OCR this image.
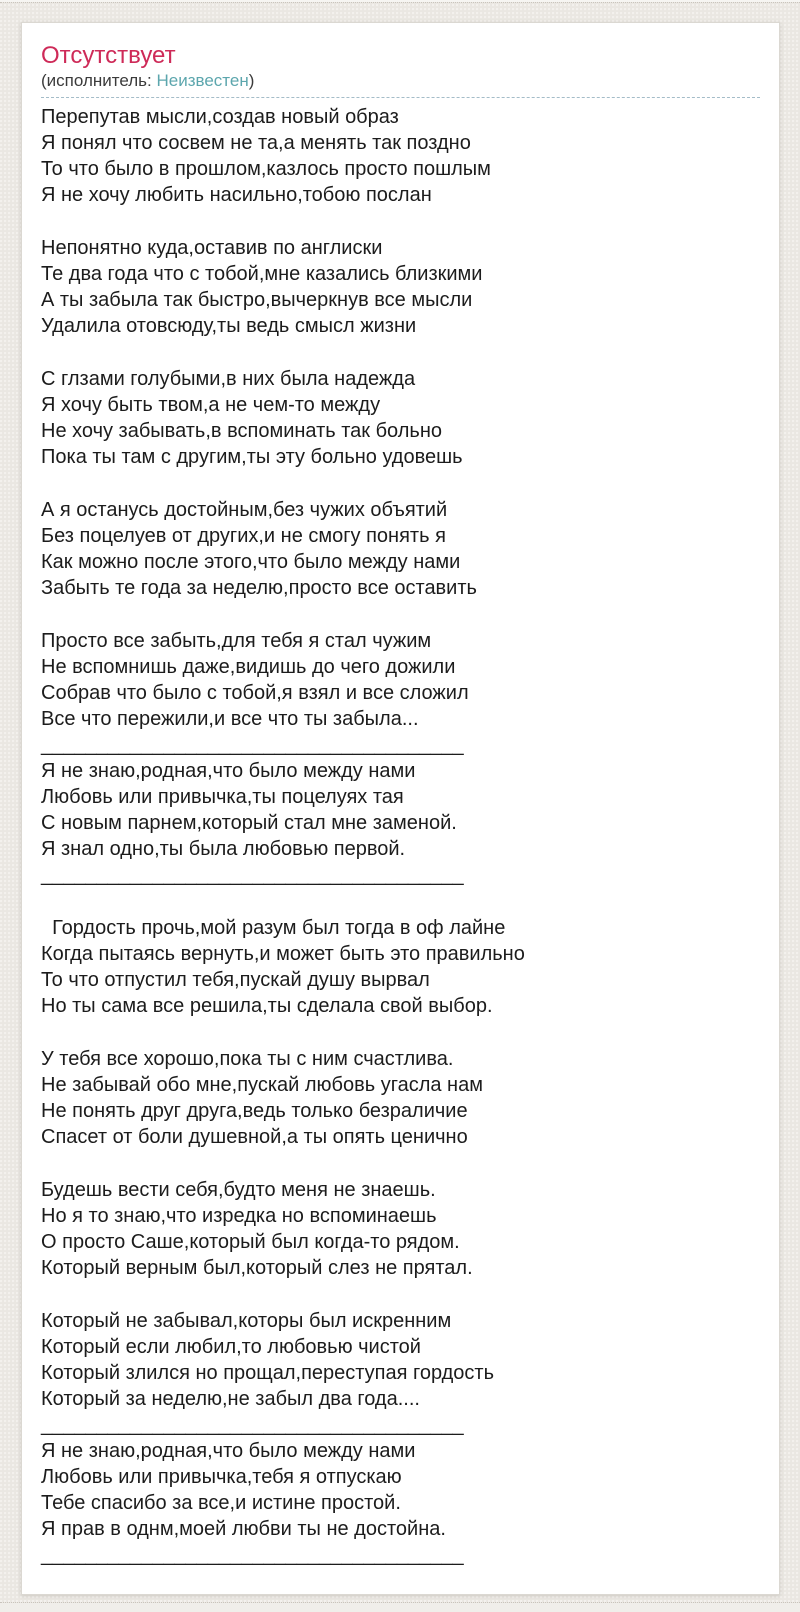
Отсутствует
(исполнитель: Неизвестен)

Перепутав мысли,создав новый образ
Я понял что сосвем не та,а менять так поздно
То что было в прошлом,казлось просто пошлым
Я не хочу любить насильно,тобою послан

Непонятно куда,оставив по англиски
Те два года что с тобой,мне казались близкими
А ты забыла так быстро,вычеркнув все мысли
Удалила отовсюду,ты ведь смысл жизни

С глзами голубыми,в них была надежда
Я хочу быть твом,а не чем-то между
Не хочу забывать,в вспоминать так больно
Пока ты там с другим,ты эту больно удовешь

А я останусь достойным,без чужих объятий
Без поцелуев от других,и не смогу понять я
Как можно после этого,что было между нами
Забыть те года за неделю,просто все оставить

Просто все забыть,для тебя я стал чужим
Не вспомнишь даже,видишь до чего дожили
Собрав что было с тобой,я взял и все сложил
Все что пережили,и все что ты забыла...
______________________________________
Я не знаю,родная,что было между нами
Любовь или привычка,ты поцелуях тая
С новым парнем,который стал мне заменой.
Я знал одно,ты была любовью первой.
______________________________________

Гордость прочь,мой разум был тогда в оф лайне
Когда пытаясь вернуть,и может быть это правильно
То что отпустил тебя,пускай душу вырвал
Но ты сама все решила,ты сделала свой выбор.

У тебя все хорошо,пока ты с ним счастлива.
Не забывай обо мне,пускай любовь угасла нам
Не понять друг друга,ведь только безраличие
Спасет от боли душевной,а ты опять ценично

Будешь вести себя,будто меня не знаешь.
Но я то знаю,что изредка но вспоминаешь
О просто Саше,который был когда-то рядом.
Который верным был,который слез не прятал.

Который не забывал,которы был искренним
Который если любил,то любовью чистой
Который злился но прощал,переступая гордость
Который за неделю,не забыл два года....
______________________________________
Я не знаю,родная,что было между нами
Любовь или привычка,тебя я отпускаю
Тебе спасибо за все,и истине простой.
Я прав в однм,моей любви ты не достойна.
______________________________________
